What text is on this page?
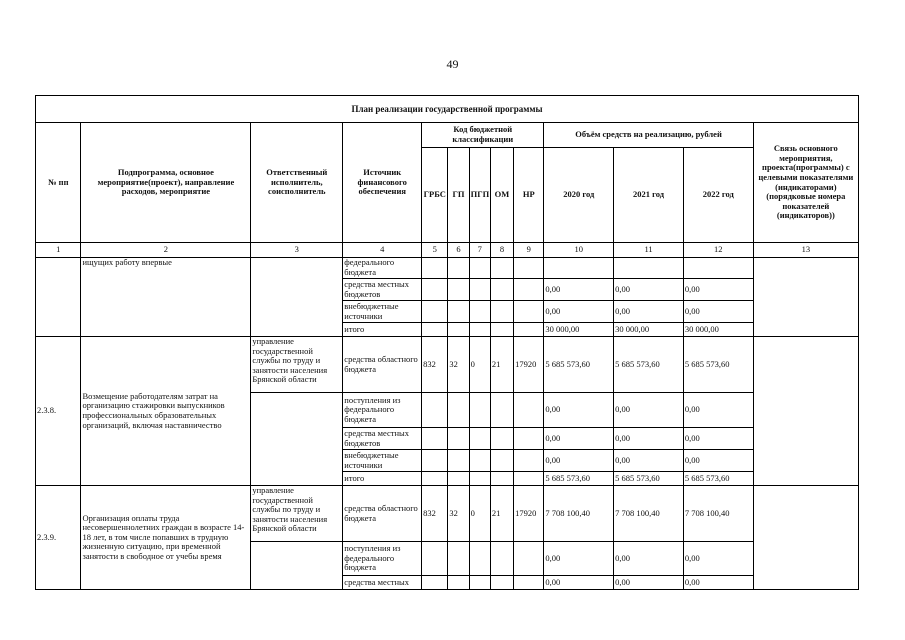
49
План реализации государственной программы												
№ пп	Подпрограмма, основное мероприятие(проект), направление расходов, мероприятие	Ответственный исполнитель, соисполнитель	Источник финансового обеспечения	Код бюджетной классификации					Объём средств на реализацию, рублей			Связь основного мероприятия, проекта(программы) с целевыми показателями (индикаторами) (порядковые номера показателей (индикаторов))
				ГРБС	ГП	ПГП	ОМ	НР	2020 год	2021 год	2022 год	
1	2	3	4	5	6	7	8	9	10	11	12	13
	ищущих работу впервые		федерального бюджета									
			средства местных бюджетов						0,00	0,00	0,00	
			внебюджетные источники						0,00	0,00	0,00	
			итого						30 000,00	30 000,00	30 000,00	
2.3.8.	Возмещение работодателям затрат на организацию стажировки выпускников профессиональных образовательных организаций, включая наставничество	управление государственной службы по труду и занятости населения Брянской области	средства областного бюджета	832	32	0	21	17920	5 685 573,60	5 685 573,60	5 685 573,60	
			поступления из федерального бюджета						0,00	0,00	0,00	
			средства местных бюджетов						0,00	0,00	0,00	
			внебюджетные источники						0,00	0,00	0,00	
			итого						5 685 573,60	5 685 573,60	5 685 573,60	
2.3.9.	Организация оплаты труда несовершеннолетних граждан в возрасте 14-18 лет, в том числе попавших в трудную жизненную ситуацию, при временной занятости в свободное от учебы время	управление государственной службы по труду и занятости населения Брянской области	средства областного бюджета	832	32	0	21	17920	7 708 100,40	7 708 100,40	7 708 100,40	
			поступления из федерального бюджета						0,00	0,00	0,00	
			средства местных						0,00	0,00	0,00	
